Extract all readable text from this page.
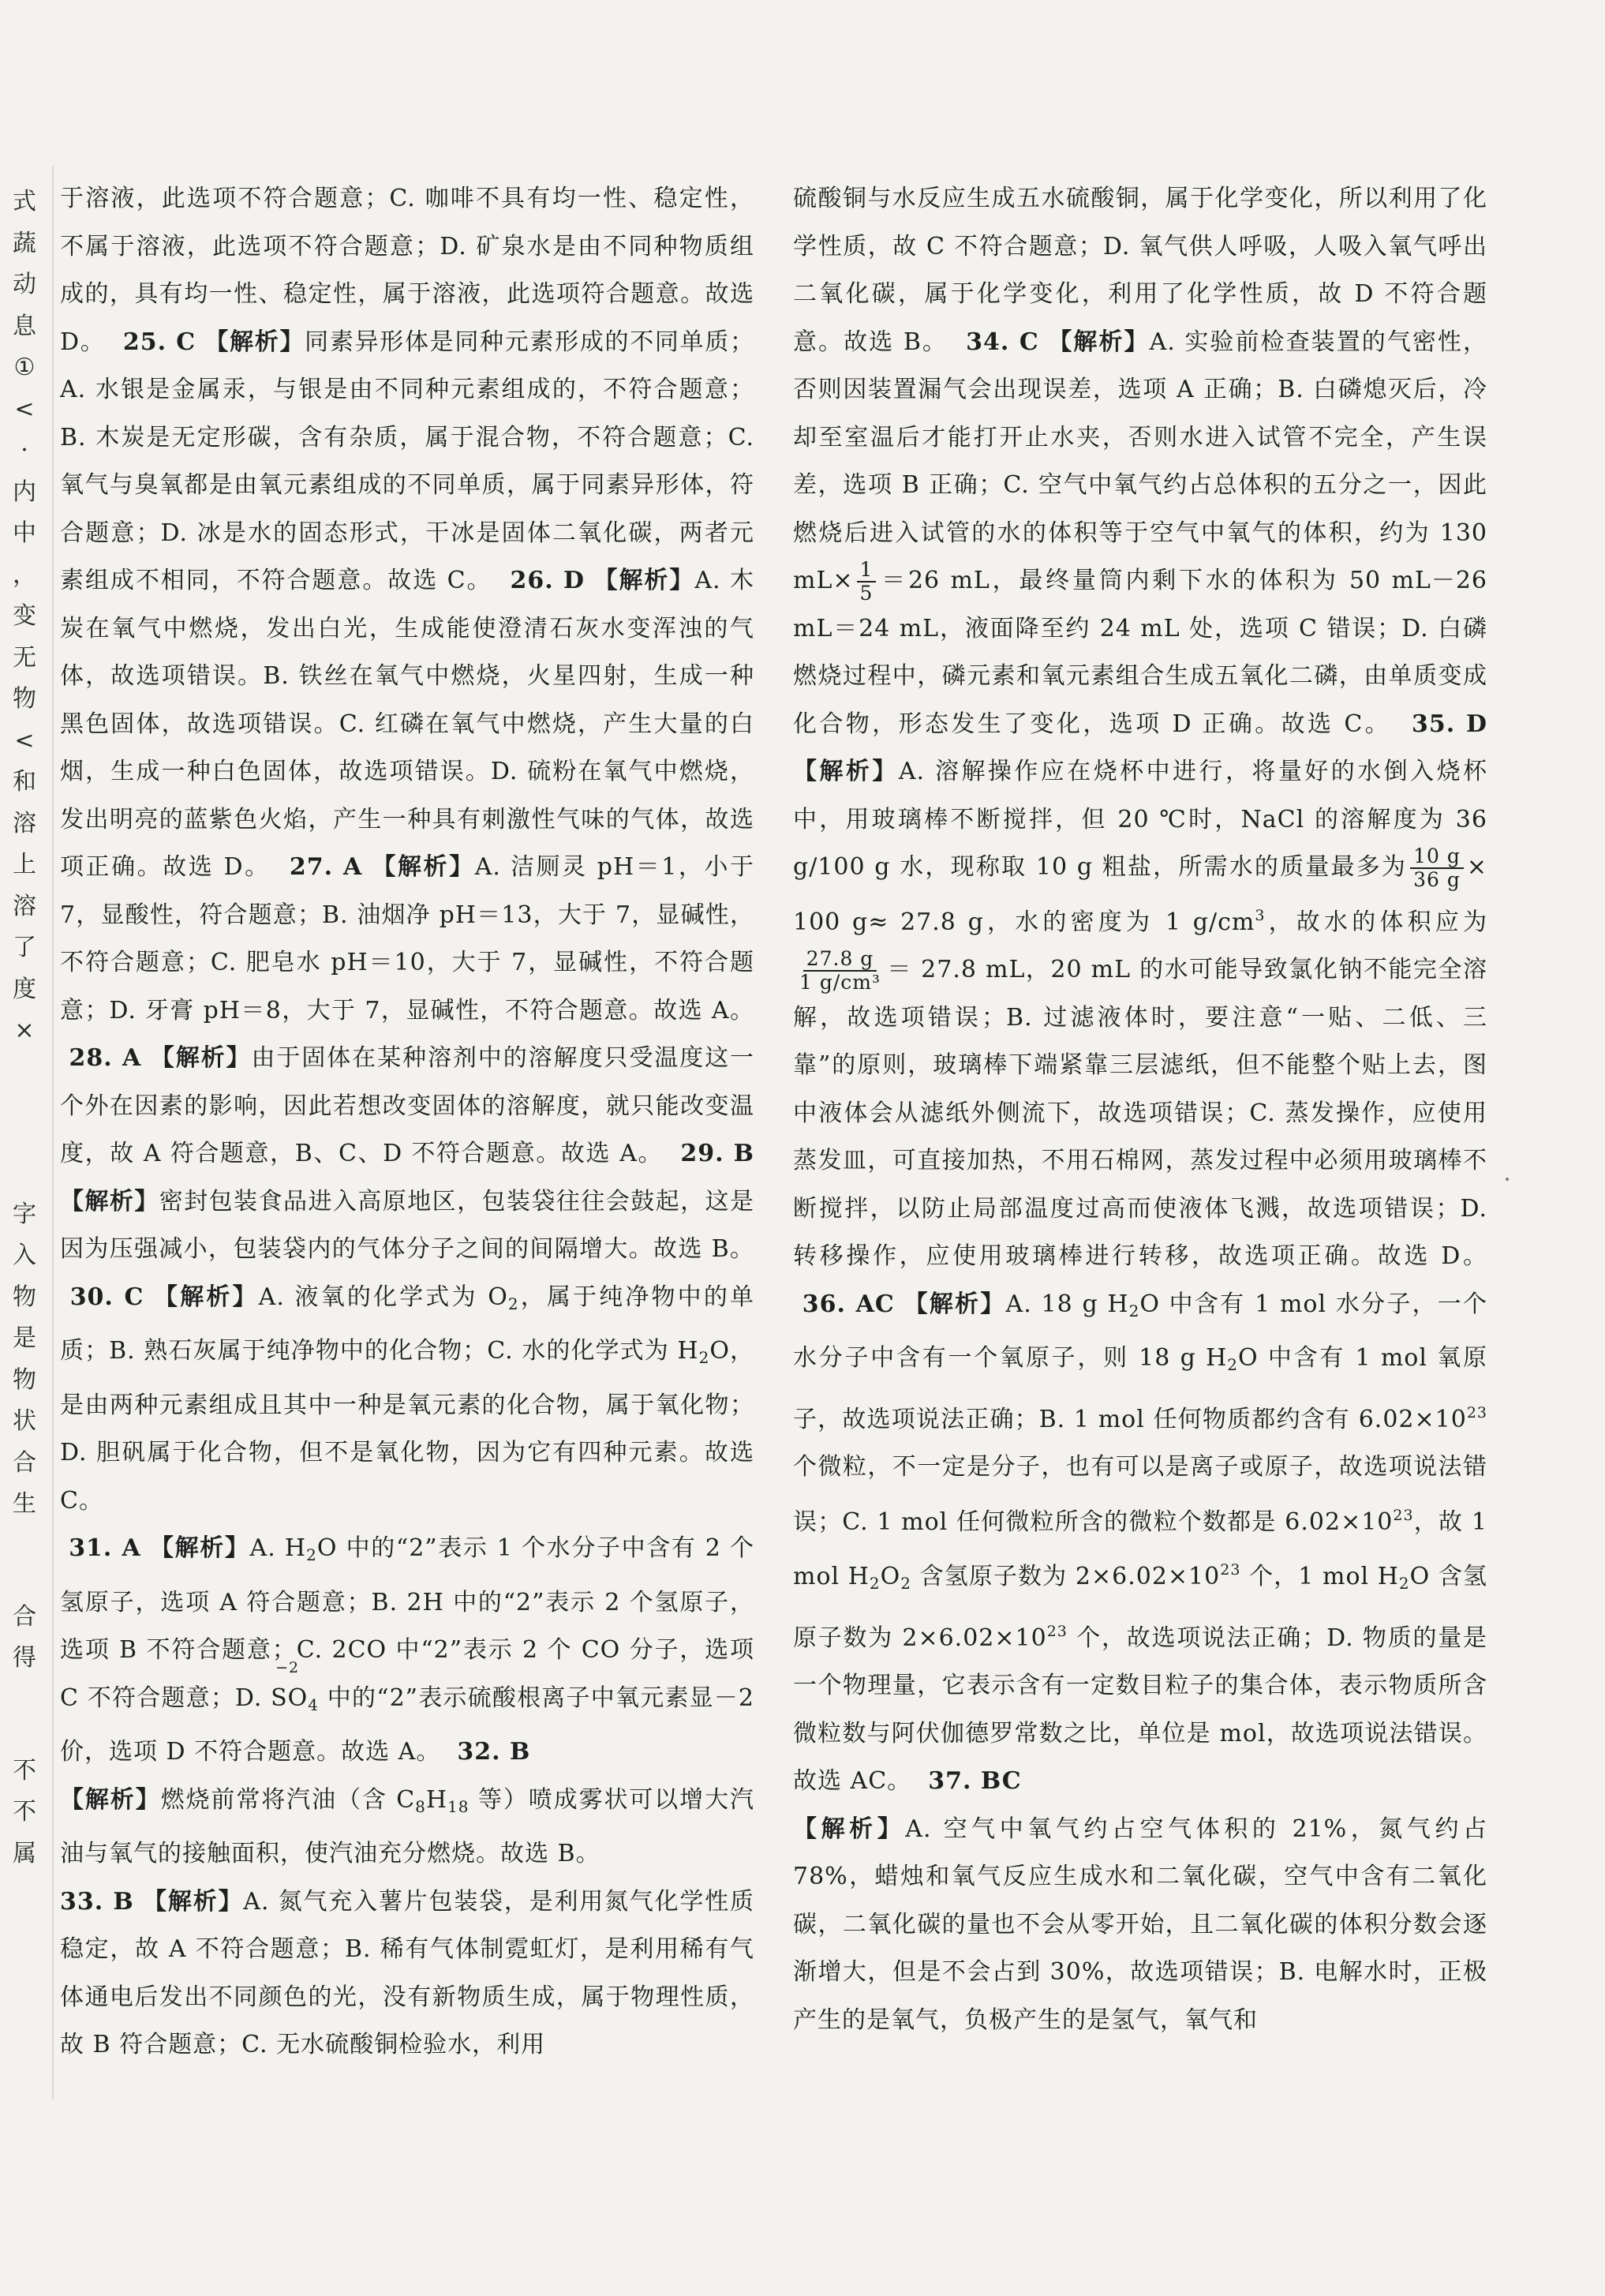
式
蔬
动
息
①
<
·
内
中
，
变
无
物
<
和
溶
上
溶
了
度
×
字
入
物
是
物
状
合
生
合
得
不
不
属

于溶液，此选项不符合题意；C. 咖啡不具有均一性、稳定性，不属于溶液，此选项不符合题意；D. 矿泉水是由不同种物质组成的，具有均一性、稳定性，属于溶液，此选项符合题意。故选 D。 25. C 【解析】同素异形体是同种元素形成的不同单质；A. 水银是金属汞，与银是由不同种元素组成的，不符合题意；B. 木炭是无定形碳，含有杂质，属于混合物，不符合题意；C. 氧气与臭氧都是由氧元素组成的不同单质，属于同素异形体，符合题意；D. 冰是水的固态形式，干冰是固体二氧化碳，两者元素组成不相同，不符合题意。故选 C。 26. D 【解析】A. 木炭在氧气中燃烧，发出白光，生成能使澄清石灰水变浑浊的气体，故选项错误。B. 铁丝在氧气中燃烧，火星四射，生成一种黑色固体，故选项错误。C. 红磷在氧气中燃烧，产生大量的白烟，生成一种白色固体，故选项错误。D. 硫粉在氧气中燃烧，发出明亮的蓝紫色火焰，产生一种具有刺激性气味的气体，故选项正确。故选 D。 27. A 【解析】A. 洁厕灵 pH＝1，小于 7，显酸性，符合题意；B. 油烟净 pH＝13，大于 7，显碱性，不符合题意；C. 肥皂水 pH＝10，大于 7，显碱性，不符合题意；D. 牙膏 pH＝8，大于 7，显碱性，不符合题意。故选 A。  28. A 【解析】由于固体在某种溶剂中的溶解度只受温度这一个外在因素的影响，因此若想改变固体的溶解度，就只能改变温度，故 A 符合题意，B、C、D 不符合题意。故选 A。 29. B 【解析】密封包装食品进入高原地区，包装袋往往会鼓起，这是因为压强减小，包装袋内的气体分子之间的间隔增大。故选 B。  30. C 【解析】A. 液氧的化学式为 $O_2$，属于纯净物中的单质；B. 熟石灰属于纯净物中的化合物；C. 水的化学式为 $H_2O$，是由两种元素组成且其中一种是氧元素的化合物，属于氧化物；D. 胆矾属于化合物，但不是氧化物，因为它有四种元素。故选 C。

31. A 【解析】A. $H_2O$ 中的“2”表示 1 个水分子中含有 2 个氢原子，选项 A 符合题意；B. 2H 中的“2”表示 2 个氢原子，选项 B 不符合题意；C. 2CO 中“2”表示 2 个 CO 分子，选项 C 不符合题意；D.
−2
$SO_4$ 中的“2”表示硫酸根离子中氧元素显－2 价，选项 D 不符合题意。故选 A。 32. B

【解析】燃烧前常将汽油（含 $C_8H_{18}$ 等）喷成雾状可以增大汽油与氧气的接触面积，使汽油充分燃烧。故选 B。

33. B 【解析】A. 氮气充入薯片包装袋，是利用氮气化学性质稳定，故 A 不符合题意；B. 稀有气体制霓虹灯，是利用稀有气体通电后发出不同颜色的光，没有新物质生成，属于物理性质，故 B 符合题意；C. 无水硫酸铜检验水，利用

硫酸铜与水反应生成五水硫酸铜，属于化学变化，所以利用了化学性质，故 C 不符合题意；D. 氧气供人呼吸，人吸入氧气呼出二氧化碳，属于化学变化，利用了化学性质，故 D 不符合题意。故选 B。 34. C 【解析】A. 实验前检查装置的气密性，否则因装置漏气会出现误差，选项 A 正确；B. 白磷熄灭后，冷却至室温后才能打开止水夹，否则水进入试管不完全，产生误差，选项 B 正确；C. 空气中氧气约占总体积的五分之一，因此燃烧后进入试管的水的体积等于空气中氧气的体积，约为 130 $mL\times \frac{1}{5} =26$ mL，最终量筒内剩下水的体积为 50 mL－26 mL＝24 mL，液面降至约 24 mL 处，选项 C 错误；D. 白磷燃烧过程中，磷元素和氧元素组合生成五氧化二磷，由单质变成化合物，形态发生了变化，选项 D 正确。故选 C。 35. D 【解析】A. 溶解操作应在烧杯中进行，将量好的水倒入烧杯中，用玻璃棒不断搅拌，但 20 ℃时，NaCl 的溶解度为 36 g/100 g 水，现称取 10 g 粗盐，所需水的质量最多为 $\frac{10 g}{36 g} \times 100$ g≈ 27.8 g，水的密度为 1 $g/cm^3$，故水的体积应为
$\frac{27.8 g}{\text{1 g/cm³}} = 27.8$ mL，20 mL 的水可能导致氯化钠不能完全溶解，故选项错误；B. 过滤液体时，要注意“一贴、二低、三靠”的原则，玻璃棒下端紧靠三层滤纸，但不能整个贴上去，图中液体会从滤纸外侧流下，故选项错误；C. 蒸发操作，应使用蒸发皿，可直接加热，不用石棉网，蒸发过程中必须用玻璃棒不断搅拌，以防止局部温度过高而使液体飞溅，故选项错误；D. 转移操作，应使用玻璃棒进行转移，故选项正确。故选 D。  36. AC 【解析】A. 18 g $H_2O$ 中含有 1 mol 水分子，一个水分子中含有一个氧原子，则 18 g $H_2O$ 中含有 1 mol 氧原子，故选项说法正确；B. 1 mol 任何物质都约含有 $6.02\times 10^{23}$ 个微粒，不一定是分子，也有可以是离子或原子，故选项说法错误；C. 1 mol 任何微粒所含的微粒个数都是 $6.02\times 10^{23}$，故 1 mol $H_2O_2$ 含氢原子数为 $2\times 6.02\times 10^{23}$ 个，1 mol $H_2O$ 含氢原子数为 $2\times 6.02\times 10^{23}$ 个，故选项说法正确；D. 物质的量是一个物理量，它表示含有一定数目粒子的集合体，表示物质所含微粒数与阿伏伽德罗常数之比，单位是 mol，故选项说法错误。故选 AC。 37. BC

【解析】A. 空气中氧气约占空气体积的 21%，氮气约占 78%，蜡烛和氧气反应生成水和二氧化碳，空气中含有二氧化碳，二氧化碳的量也不会从零开始，且二氧化碳的体积分数会逐渐增大，但是不会占到 30%，故选项错误；B. 电解水时，正极产生的是氧气，负极产生的是氢气，氧气和
